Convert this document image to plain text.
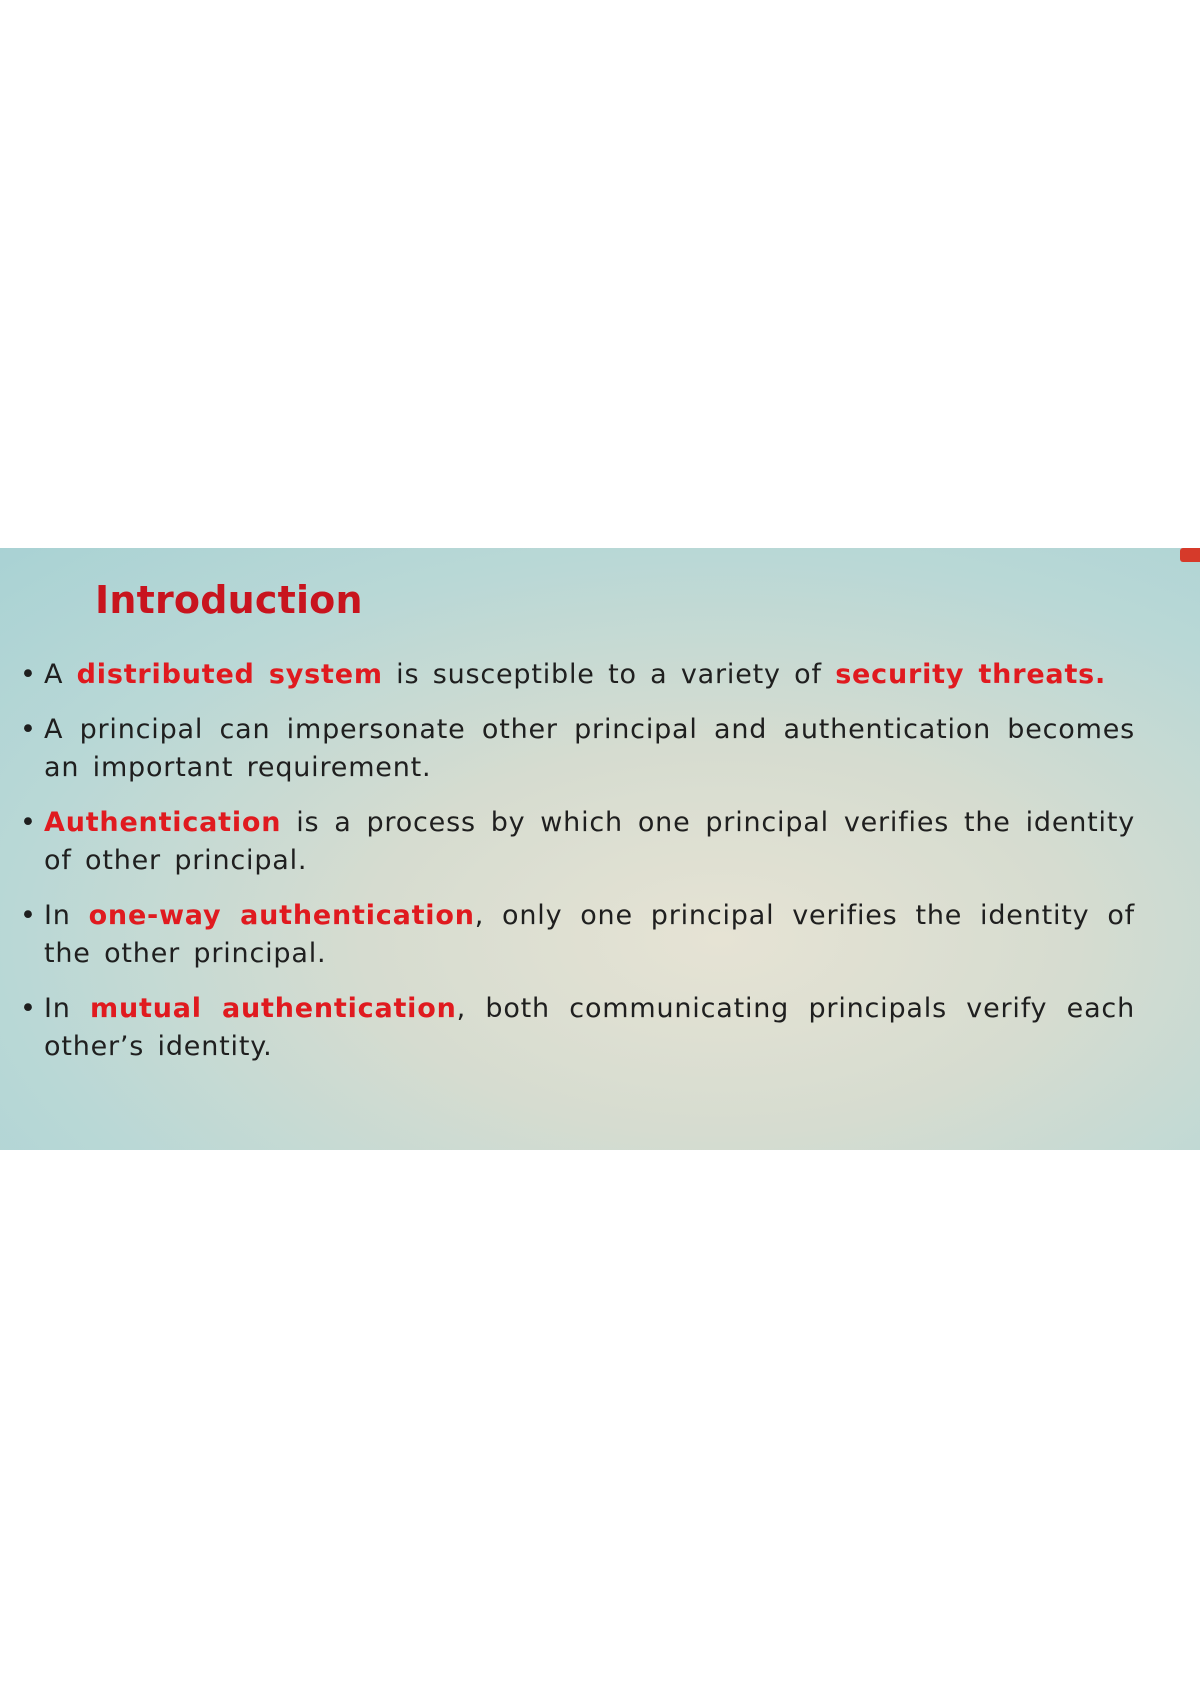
Introduction
• A distributed system is susceptible to a variety of security threats.
• A principal can impersonate other principal and authentication becomes an important requirement.
• Authentication is a process by which one principal verifies the identity of other principal.
• In one-way authentication, only one principal verifies the identity of the other principal.
• In mutual authentication, both communicating principals verify each other’s identity.
